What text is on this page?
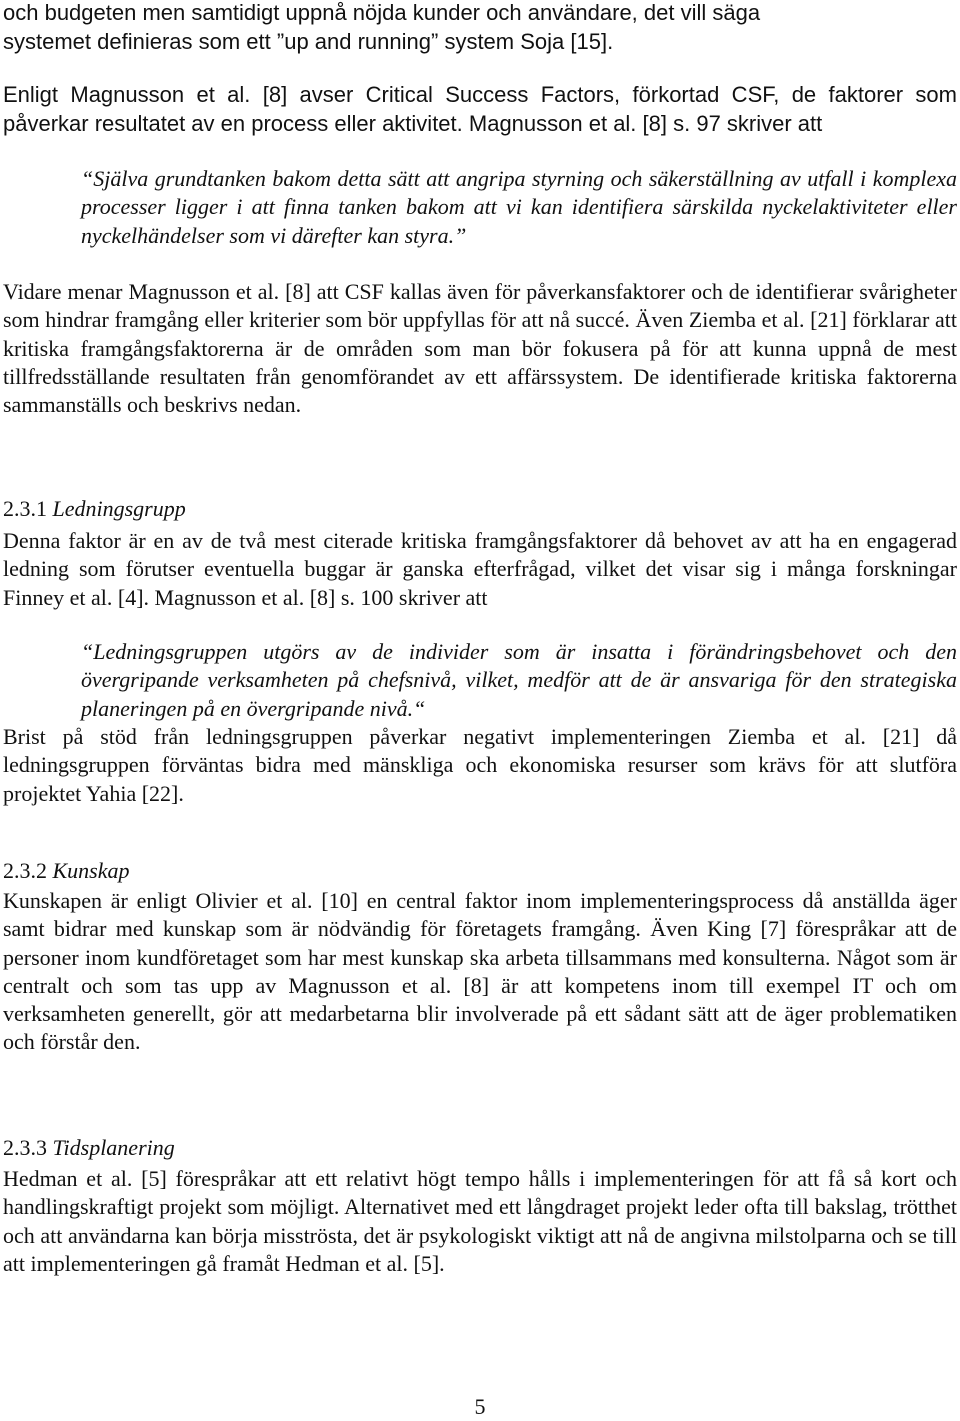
och budgeten men samtidigt uppnå nöjda kunder och användare, det vill säga
systemet definieras som ett ”up and running” system Soja [15].

Enligt Magnusson et al. [8] avser Critical Success Factors, förkortad CSF, de faktorer som påverkar resultatet av en process eller aktivitet. Magnusson et al. [8] s. 97 skriver att

“Själva grundtanken bakom detta sätt att angripa styrning och säkerställning av utfall i komplexa processer ligger i att finna tanken bakom att vi kan identifiera särskilda nyckelaktiviteter eller nyckelhändelser som vi därefter kan styra.”

Vidare menar Magnusson et al. [8] att CSF kallas även för påverkansfaktorer och de identifierar svårigheter som hindrar framgång eller kriterier som bör uppfyllas för att nå succé. Även Ziemba et al. [21] förklarar att kritiska framgångsfaktorerna är de områden som man bör fokusera på för att kunna uppnå de mest tillfredsställande resultaten från genomförandet av ett affärssystem. De identifierade kritiska faktorerna sammanställs och beskrivs nedan.

2.3.1 Ledningsgrupp

Denna faktor är en av de två mest citerade kritiska framgångsfaktorer då behovet av att ha en engagerad ledning som förutser eventuella buggar är ganska efterfrågad, vilket det visar sig i många forskningar Finney et al. [4]. Magnusson et al. [8] s. 100 skriver att

“Ledningsgruppen utgörs av de individer som är insatta i förändringsbehovet och den övergripande verksamheten på chefsnivå, vilket, medför att de är ansvariga för den strategiska planeringen på en övergripande nivå.“

Brist på stöd från ledningsgruppen påverkar negativt implementeringen Ziemba et al. [21] då ledningsgruppen förväntas bidra med mänskliga och ekonomiska resurser som krävs för att slutföra projektet Yahia [22].

2.3.2 Kunskap

Kunskapen är enligt Olivier et al. [10] en central faktor inom implementeringsprocess då anställda äger samt bidrar med kunskap som är nödvändig för företagets framgång. Även King [7] förespråkar att de personer inom kundföretaget som har mest kunskap ska arbeta tillsammans med konsulterna. Något som är centralt och som tas upp av Magnusson et al. [8] är att kompetens inom till exempel IT och om verksamheten generellt, gör att medarbetarna blir involverade på ett sådant sätt att de äger problematiken och förstår den.

2.3.3 Tidsplanering

Hedman et al. [5] förespråkar att ett relativt högt tempo hålls i implementeringen för att få så kort och handlingskraftigt projekt som möjligt. Alternativet med ett långdraget projekt leder ofta till bakslag, trötthet och att användarna kan börja misströsta, det är psykologiskt viktigt att nå de angivna milstolparna och se till att implementeringen gå framåt Hedman et al. [5].

5
